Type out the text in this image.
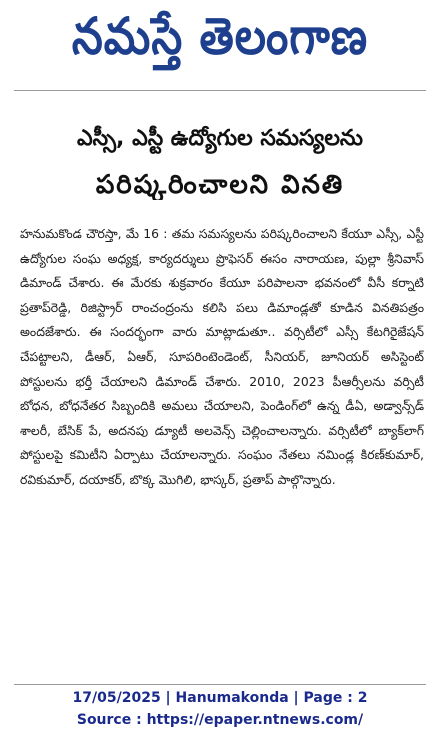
నమస్తే తెలంగాణ
ఎస్సీ, ఎస్టీ ఉద్యోగుల సమస్యలను
పరిష్కరించాలని వినతి

హనుమకొండ చౌరస్తా, మే 16 : తమ సమస్యలను పరిష్కరించాలని కేయూ ఎస్సీ, ఎస్టీ ఉద్యోగుల సంఘ అధ్యక్ష, కార్యదర్శులు ప్రొఫెసర్ ఈసం నారాయణ, పుల్లా శ్రీనివాస్ డిమాండ్ చేశారు. ఈ మేరకు శుక్రవారం కేయూ పరిపాలనా భవనంలో వీసీ కర్నాటి ప్రతాప్‌రెడ్డి, రిజిస్ట్రార్ రాంచంద్రంను కలిసి పలు డిమాండ్లతో కూడిన వినతిపత్రం అందజేశారు. ఈ సందర్భంగా వారు మాట్లాడుతూ.. వర్సిటీలో ఎస్సీ కేటగిరైజేషన్ చేపట్టాలని, డీఆర్, ఏఆర్, సూపరింటెండెంట్, సీనియర్, జూనియర్ అసిస్టెంట్ పోస్టులను భర్తీ చేయాలని డిమాండ్ చేశారు. 2010, 2023 పీఆర్సీలను వర్సిటీ బోధన, బోధనేతర సిబ్బందికి అమలు చేయాలని, పెండింగ్‌లో ఉన్న డీఏ, అడ్వాన్స్‌డ్ శాలరీ, బేసిక్ పే, అదనపు డ్యూటీ అలవెన్స్ చెల్లించాలన్నారు. వర్సిటీలో బ్యాక్‌లాగ్ పోస్టులపై కమిటీని ఏర్పాటు చేయాలన్నారు. సంఘం నేతలు నమిండ్ల కిరణ్‌కుమార్, రవికుమార్, దయాకర్, బొక్క మొగిలి, భాస్కర్, ప్రతాప్ పాల్గొన్నారు.

17/05/2025 | Hanumakonda | Page : 2
Source : https://epaper.ntnews.com/
